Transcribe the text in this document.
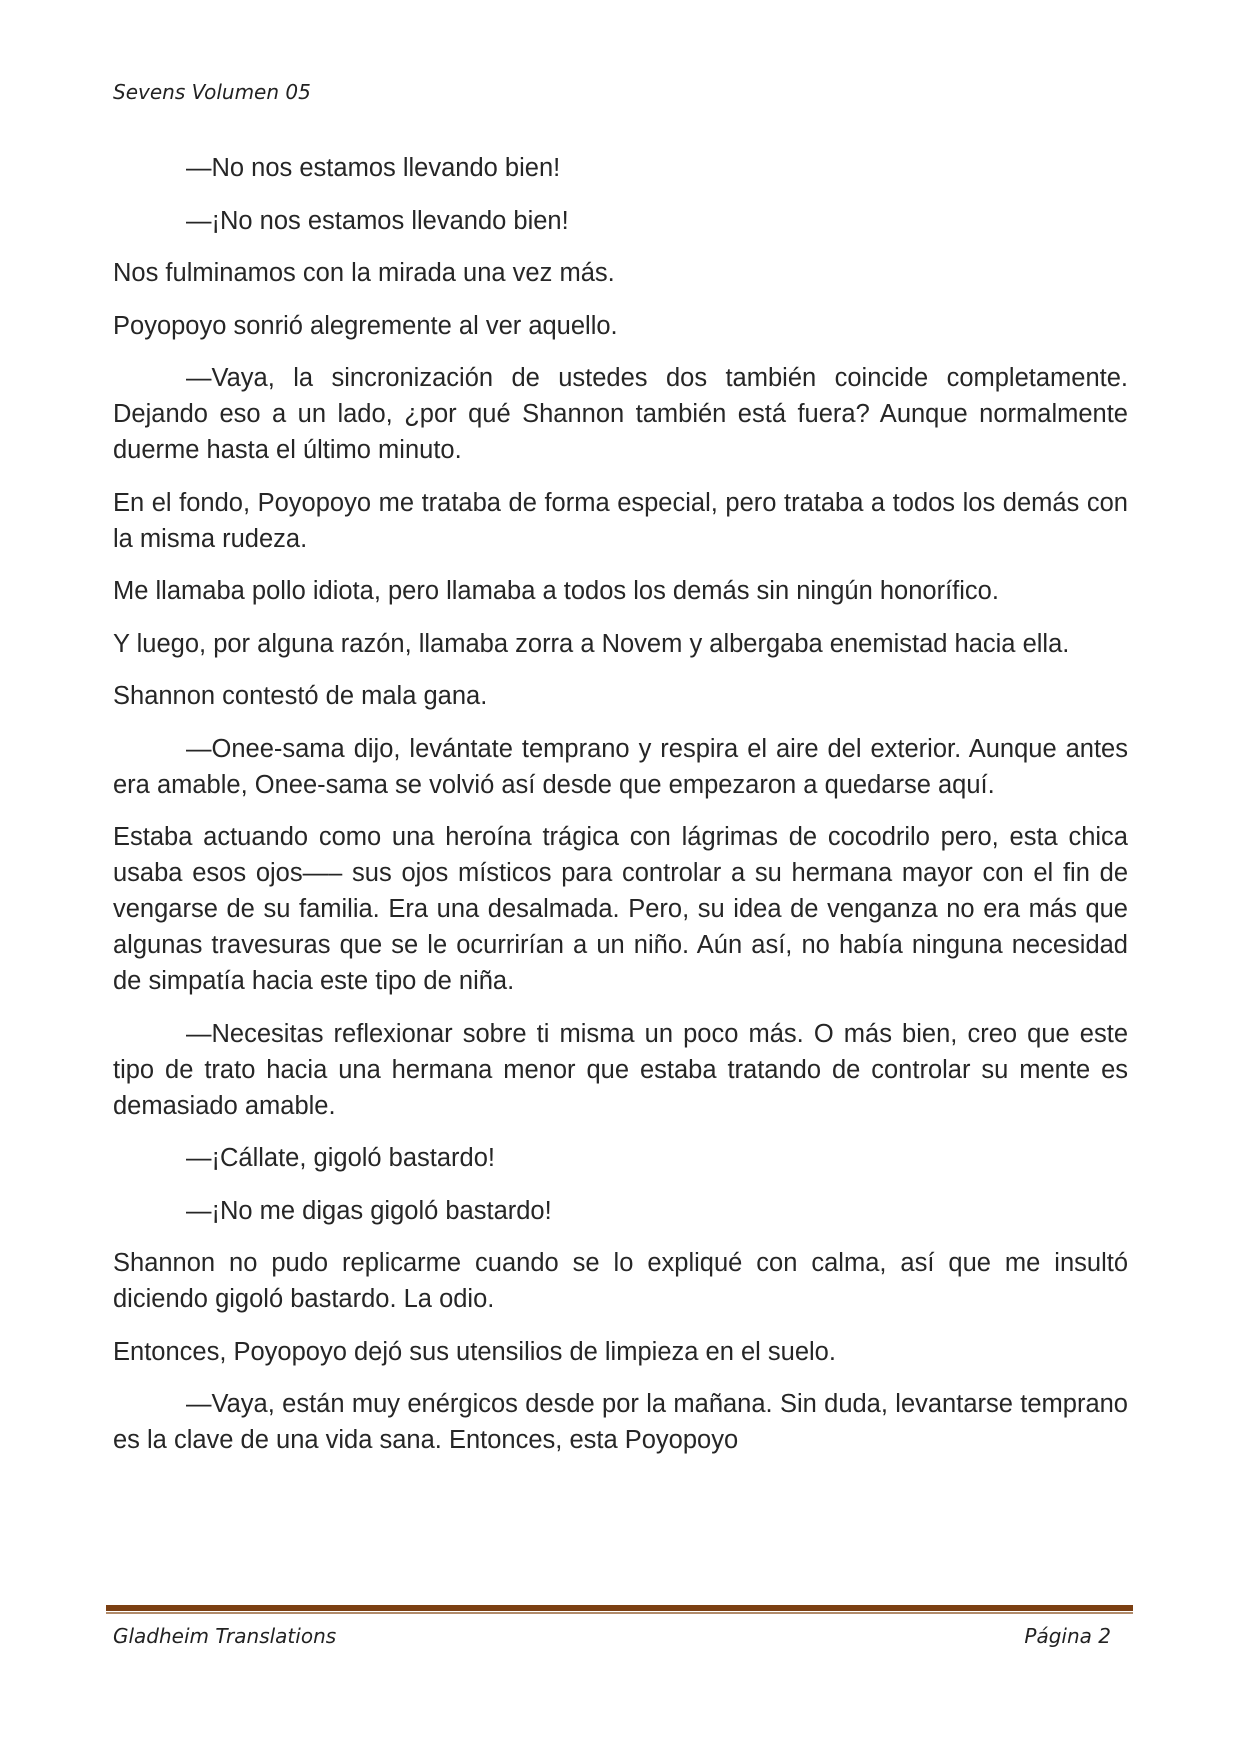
Sevens Volumen 05

—No nos estamos llevando bien!

—¡No nos estamos llevando bien!

Nos fulminamos con la mirada una vez más.

Poyopoyo sonrió alegremente al ver aquello.

—Vaya, la sincronización de ustedes dos también coincide completamente. Dejando eso a un lado, ¿por qué Shannon también está fuera? Aunque normalmente duerme hasta el último minuto.

En el fondo, Poyopoyo me trataba de forma especial, pero trataba a todos los demás con la misma rudeza.

Me llamaba pollo idiota, pero llamaba a todos los demás sin ningún honorífico.

Y luego, por alguna razón, llamaba zorra a Novem y albergaba enemistad hacia ella.

Shannon contestó de mala gana.

—Onee-sama dijo, levántate temprano y respira el aire del exterior. Aunque antes era amable, Onee-sama se volvió así desde que empezaron a quedarse aquí.

Estaba actuando como una heroína trágica con lágrimas de cocodrilo pero, esta chica usaba esos ojos—– sus ojos místicos para controlar a su hermana mayor con el fin de vengarse de su familia. Era una desalmada. Pero, su idea de venganza no era más que algunas travesuras que se le ocurrirían a un niño. Aún así, no había ninguna necesidad de simpatía hacia este tipo de niña.

—Necesitas reflexionar sobre ti misma un poco más. O más bien, creo que este tipo de trato hacia una hermana menor que estaba tratando de controlar su mente es demasiado amable.

—¡Cállate, gigoló bastardo!

—¡No me digas gigoló bastardo!

Shannon no pudo replicarme cuando se lo expliqué con calma, así que me insultó diciendo gigoló bastardo. La odio.

Entonces, Poyopoyo dejó sus utensilios de limpieza en el suelo.

—Vaya, están muy enérgicos desde por la mañana. Sin duda, levantarse temprano es la clave de una vida sana. Entonces, esta Poyopoyo

Gladheim Translations	Página 2
